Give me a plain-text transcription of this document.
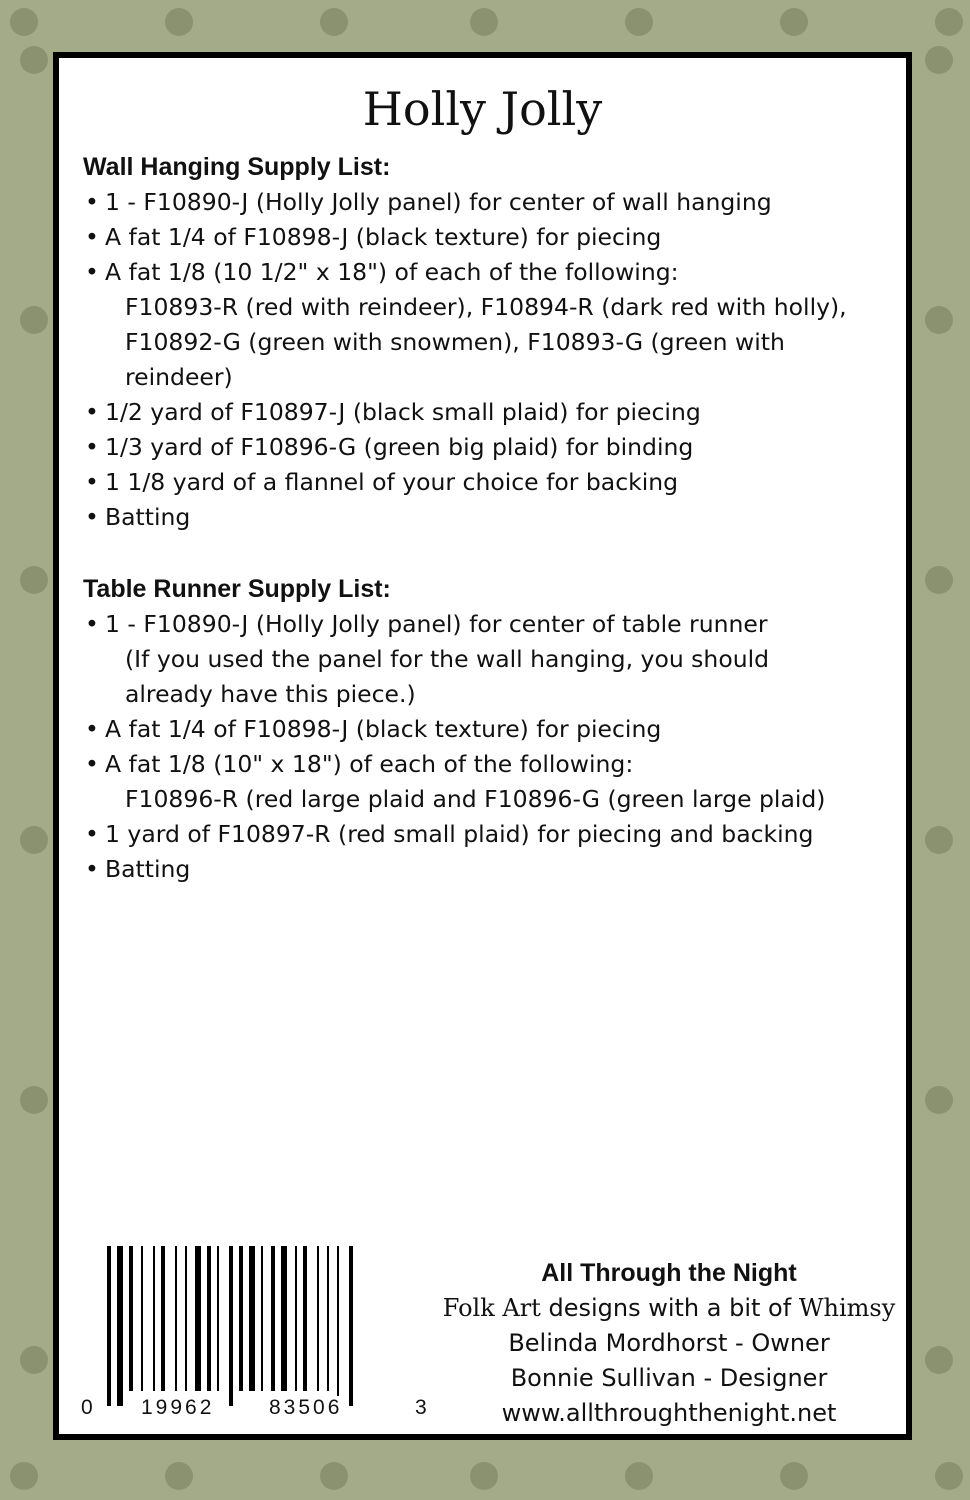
Holly Jolly
Wall Hanging Supply List:
• 1 - F10890-J (Holly Jolly panel) for center of wall hanging
• A fat 1/4 of F10898-J (black texture) for piecing
• A fat 1/8 (10 1/2" x 18") of each of the following:
F10893-R (red with reindeer), F10894-R (dark red with holly),
F10892-G (green with snowmen), F10893-G (green with
reindeer)
• 1/2 yard of F10897-J (black small plaid) for piecing
• 1/3 yard of F10896-G (green big plaid) for binding
• 1 1/8 yard of a flannel of your choice for backing
• Batting
Table Runner Supply List:
• 1 - F10890-J (Holly Jolly panel) for center of table runner
(If you used the panel for the wall hanging, you should
already have this piece.)
• A fat 1/4 of F10898-J (black texture) for piecing
• A fat 1/8 (10" x 18") of each of the following:
F10896-R (red large plaid and F10896-G (green large plaid)
• 1 yard of F10897-R (red small plaid) for piecing and backing
• Batting
0 19962	83506	3
All Through the Night
Folk Art designs with a bit of Whimsy
Belinda Mordhorst - Owner
Bonnie Sullivan - Designer
www.allthroughthenight.net
